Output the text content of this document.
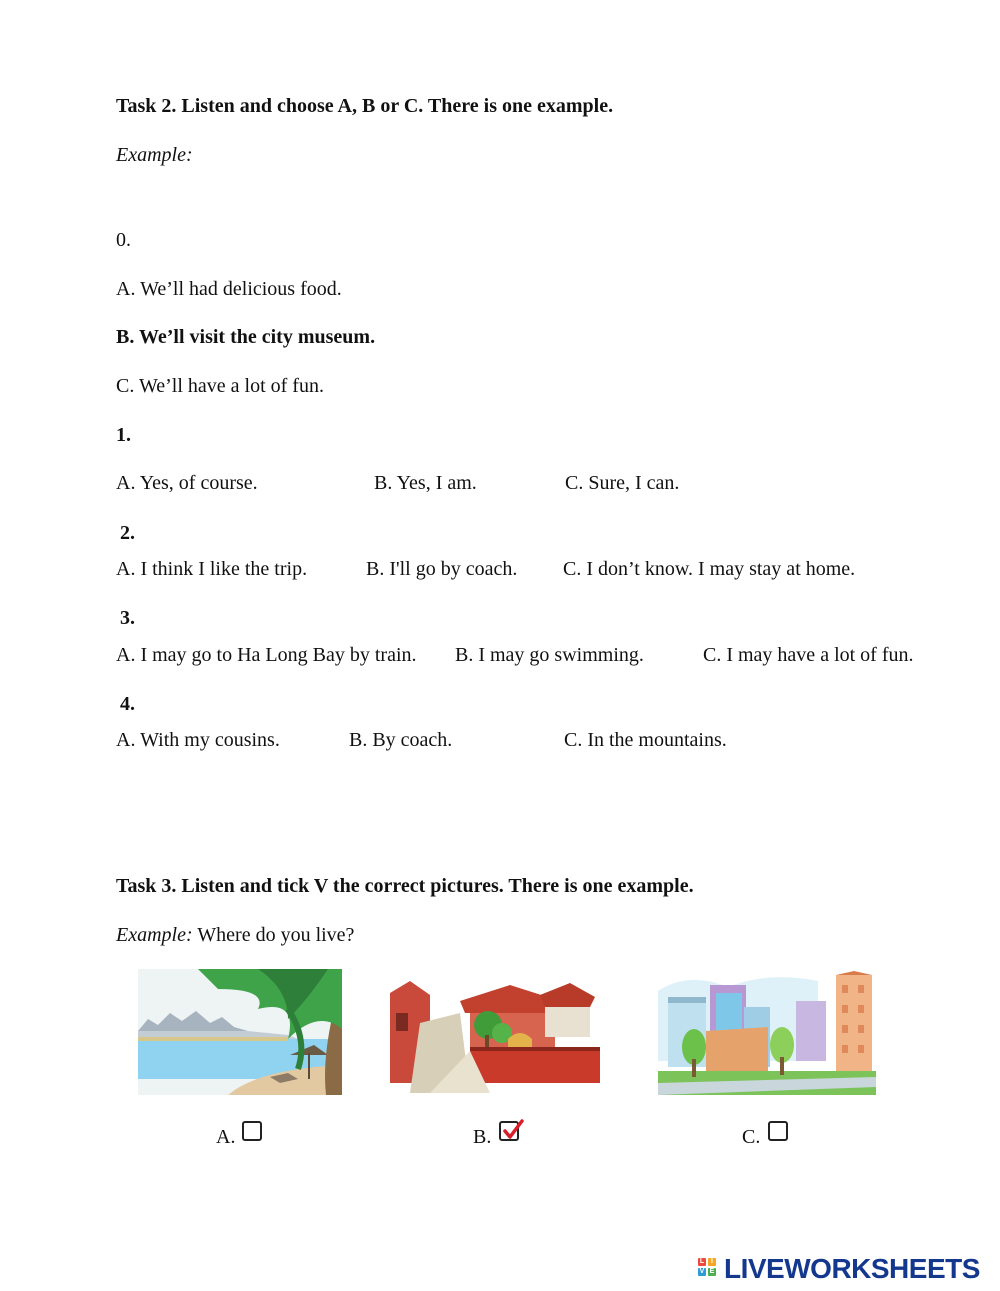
Task 2. Listen and choose A, B or C. There is one example.
Example:
0.
A. We’ll had delicious food.
B. We’ll visit the city museum.
C. We’ll have a lot of fun.
1.
A. Yes, of course.	B. Yes, I am.	C. Sure, I can.
2.
A. I think I like the trip.	B. I'll go by coach. C. I don’t know. I may stay at home.
3.
A. I may go to Ha Long Bay by train. B. I may go swimming.	C. I may have a lot of fun.
4.
A. With my cousins.	B. By coach.	C. In the mountains.
Task 3. Listen and tick V the correct pictures. There is one example.
Example: Where do you live?
A.	B.	C.
L I
V E LIVEWORKSHEETS
